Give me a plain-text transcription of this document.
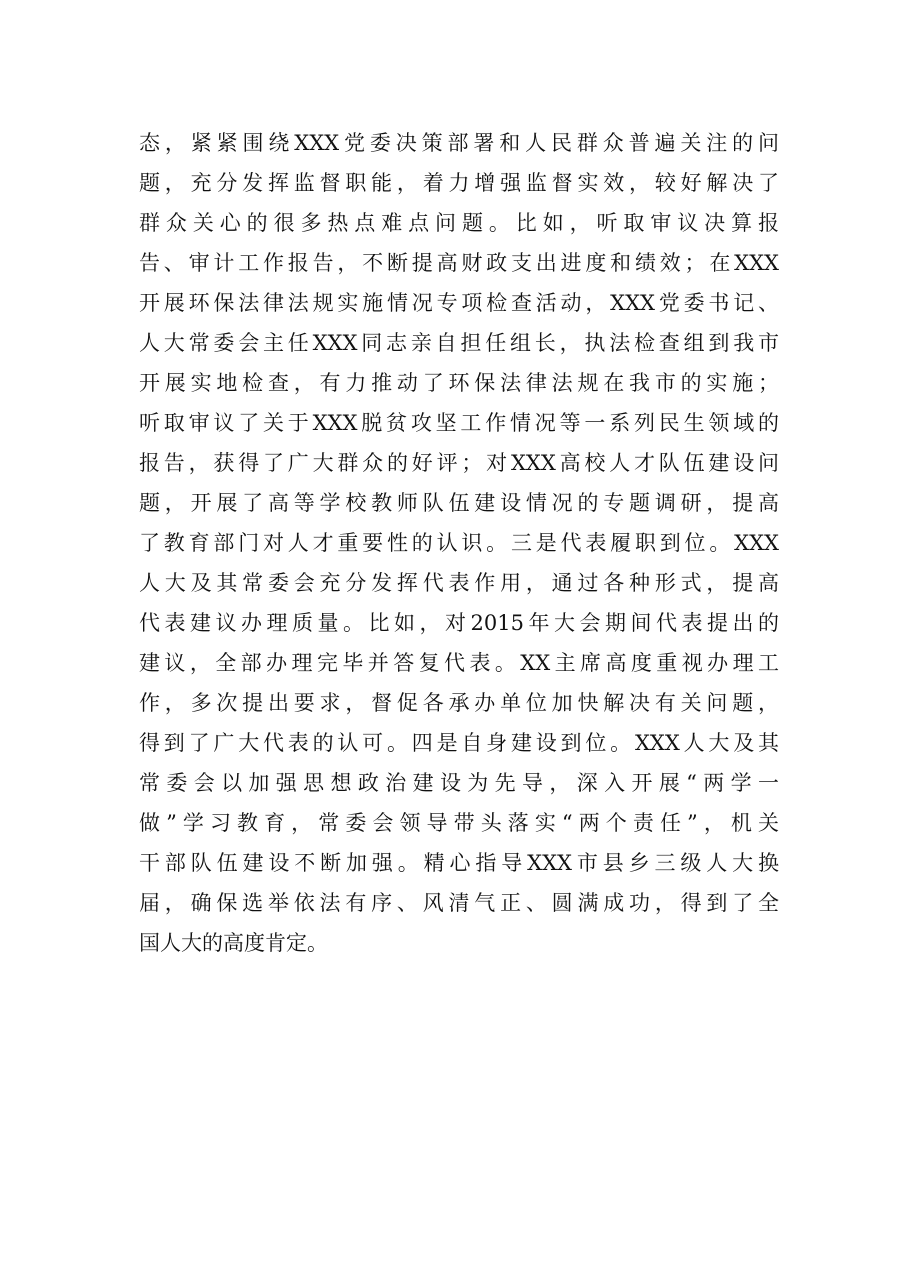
态，紧紧围绕XXX党委决策部署和人民群众普遍关注的问
题，充分发挥监督职能，着力增强监督实效，较好解决了
群众关心的很多热点难点问题。比如，听取审议决算报
告、审计工作报告，不断提高财政支出进度和绩效；在XXX
开展环保法律法规实施情况专项检查活动，XXX党委书记、
人大常委会主任XXX同志亲自担任组长，执法检查组到我市
开展实地检查，有力推动了环保法律法规在我市的实施；
听取审议了关于XXX脱贫攻坚工作情况等一系列民生领域的
报告，获得了广大群众的好评；对XXX高校人才队伍建设问
题，开展了高等学校教师队伍建设情况的专题调研，提高
了教育部门对人才重要性的认识。三是代表履职到位。XXX
人大及其常委会充分发挥代表作用，通过各种形式，提高
代表建议办理质量。比如，对2015年大会期间代表提出的
建议，全部办理完毕并答复代表。XX主席高度重视办理工
作，多次提出要求，督促各承办单位加快解决有关问题，
得到了广大代表的认可。四是自身建设到位。XXX人大及其
常委会以加强思想政治建设为先导，深入开展“两学一
做”学习教育，常委会领导带头落实“两个责任”，机关
干部队伍建设不断加强。精心指导XXX市县乡三级人大换
届，确保选举依法有序、风清气正、圆满成功，得到了全
国人大的高度肯定。
